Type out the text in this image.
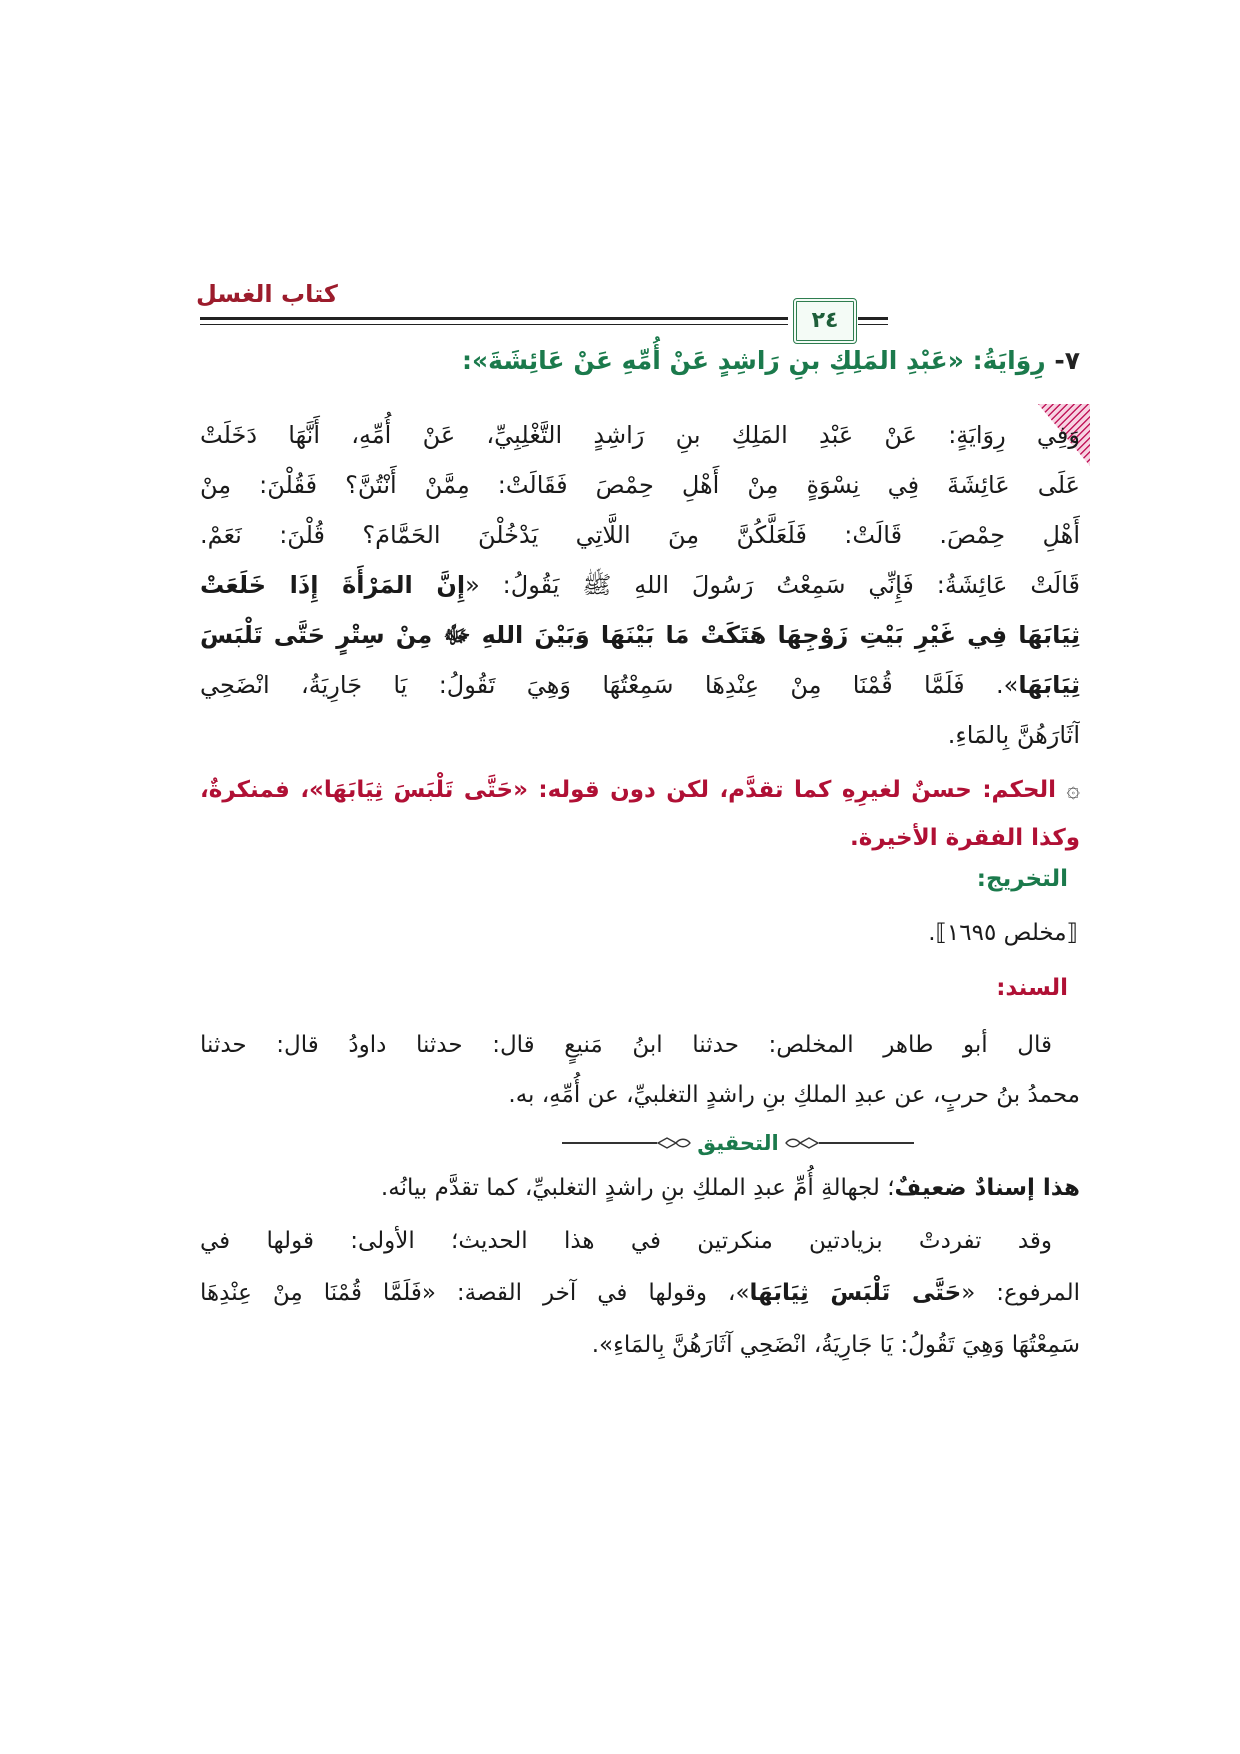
كتاب الغسل
٢٤
٧- رِوَايَةُ: «عَبْدِ المَلِكِ بنِ رَاشِدٍ عَنْ أُمِّهِ عَنْ عَائِشَةَ»:
وَفِي رِوَايَةٍ: عَنْ عَبْدِ المَلِكِ بنِ رَاشِدٍ التَّغْلِبِيِّ، عَنْ أُمِّهِ، أَنَّهَا دَخَلَتْ
عَلَى عَائِشَةَ فِي نِسْوَةٍ مِنْ أَهْلِ حِمْصَ فَقَالَتْ: مِمَّنْ أَنْتُنَّ؟ فَقُلْنَ: مِنْ
أَهْلِ حِمْصَ. قَالَتْ: فَلَعَلَّكُنَّ مِنَ اللَّاتِي يَدْخُلْنَ الحَمَّامَ؟ قُلْنَ: نَعَمْ.
قَالَتْ عَائِشَةُ: فَإِنِّي سَمِعْتُ رَسُولَ اللهِ ﷺ يَقُولُ: «إِنَّ المَرْأَةَ إِذَا خَلَعَتْ
ثِيَابَهَا فِي غَيْرِ بَيْتِ زَوْجِهَا هَتَكَتْ مَا بَيْنَهَا وَبَيْنَ اللهِ ﷻ مِنْ سِتْرٍ حَتَّى تَلْبَسَ
ثِيَابَهَا». فَلَمَّا قُمْنَا مِنْ عِنْدِهَا سَمِعْتُهَا وَهِيَ تَقُولُ: يَا جَارِيَةُ، انْضَحِي
آثَارَهُنَّ بِالمَاءِ.
۞ الحكم: حسنٌ لغيرِهِ كما تقدَّم، لكن دون قوله: «حَتَّى تَلْبَسَ ثِيَابَهَا»، فمنكرةٌ،
وكذا الفقرة الأخيرة.
التخريج:
⟦مخلص ١٦٩٥⟧.
السند:
قال أبو طاهر المخلص: حدثنا ابنُ مَنيعٍ قال: حدثنا داودُ قال: حدثنا
محمدُ بنُ حربٍ، عن عبدِ الملكِ بنِ راشدٍ التغلبيِّ، عن أُمِّهِ، به.
التحقيق
هذا إسنادٌ ضعيفٌ؛ لجهالةِ أُمِّ عبدِ الملكِ بنِ راشدٍ التغلبيِّ، كما تقدَّم بيانُه.
وقد تفردتْ بزيادتين منكرتين في هذا الحديث؛ الأولى: قولها في
المرفوع: «حَتَّى تَلْبَسَ ثِيَابَهَا»، وقولها في آخر القصة: «فَلَمَّا قُمْنَا مِنْ عِنْدِهَا
سَمِعْتُهَا وَهِيَ تَقُولُ: يَا جَارِيَةُ، انْضَحِي آثَارَهُنَّ بِالمَاءِ».
